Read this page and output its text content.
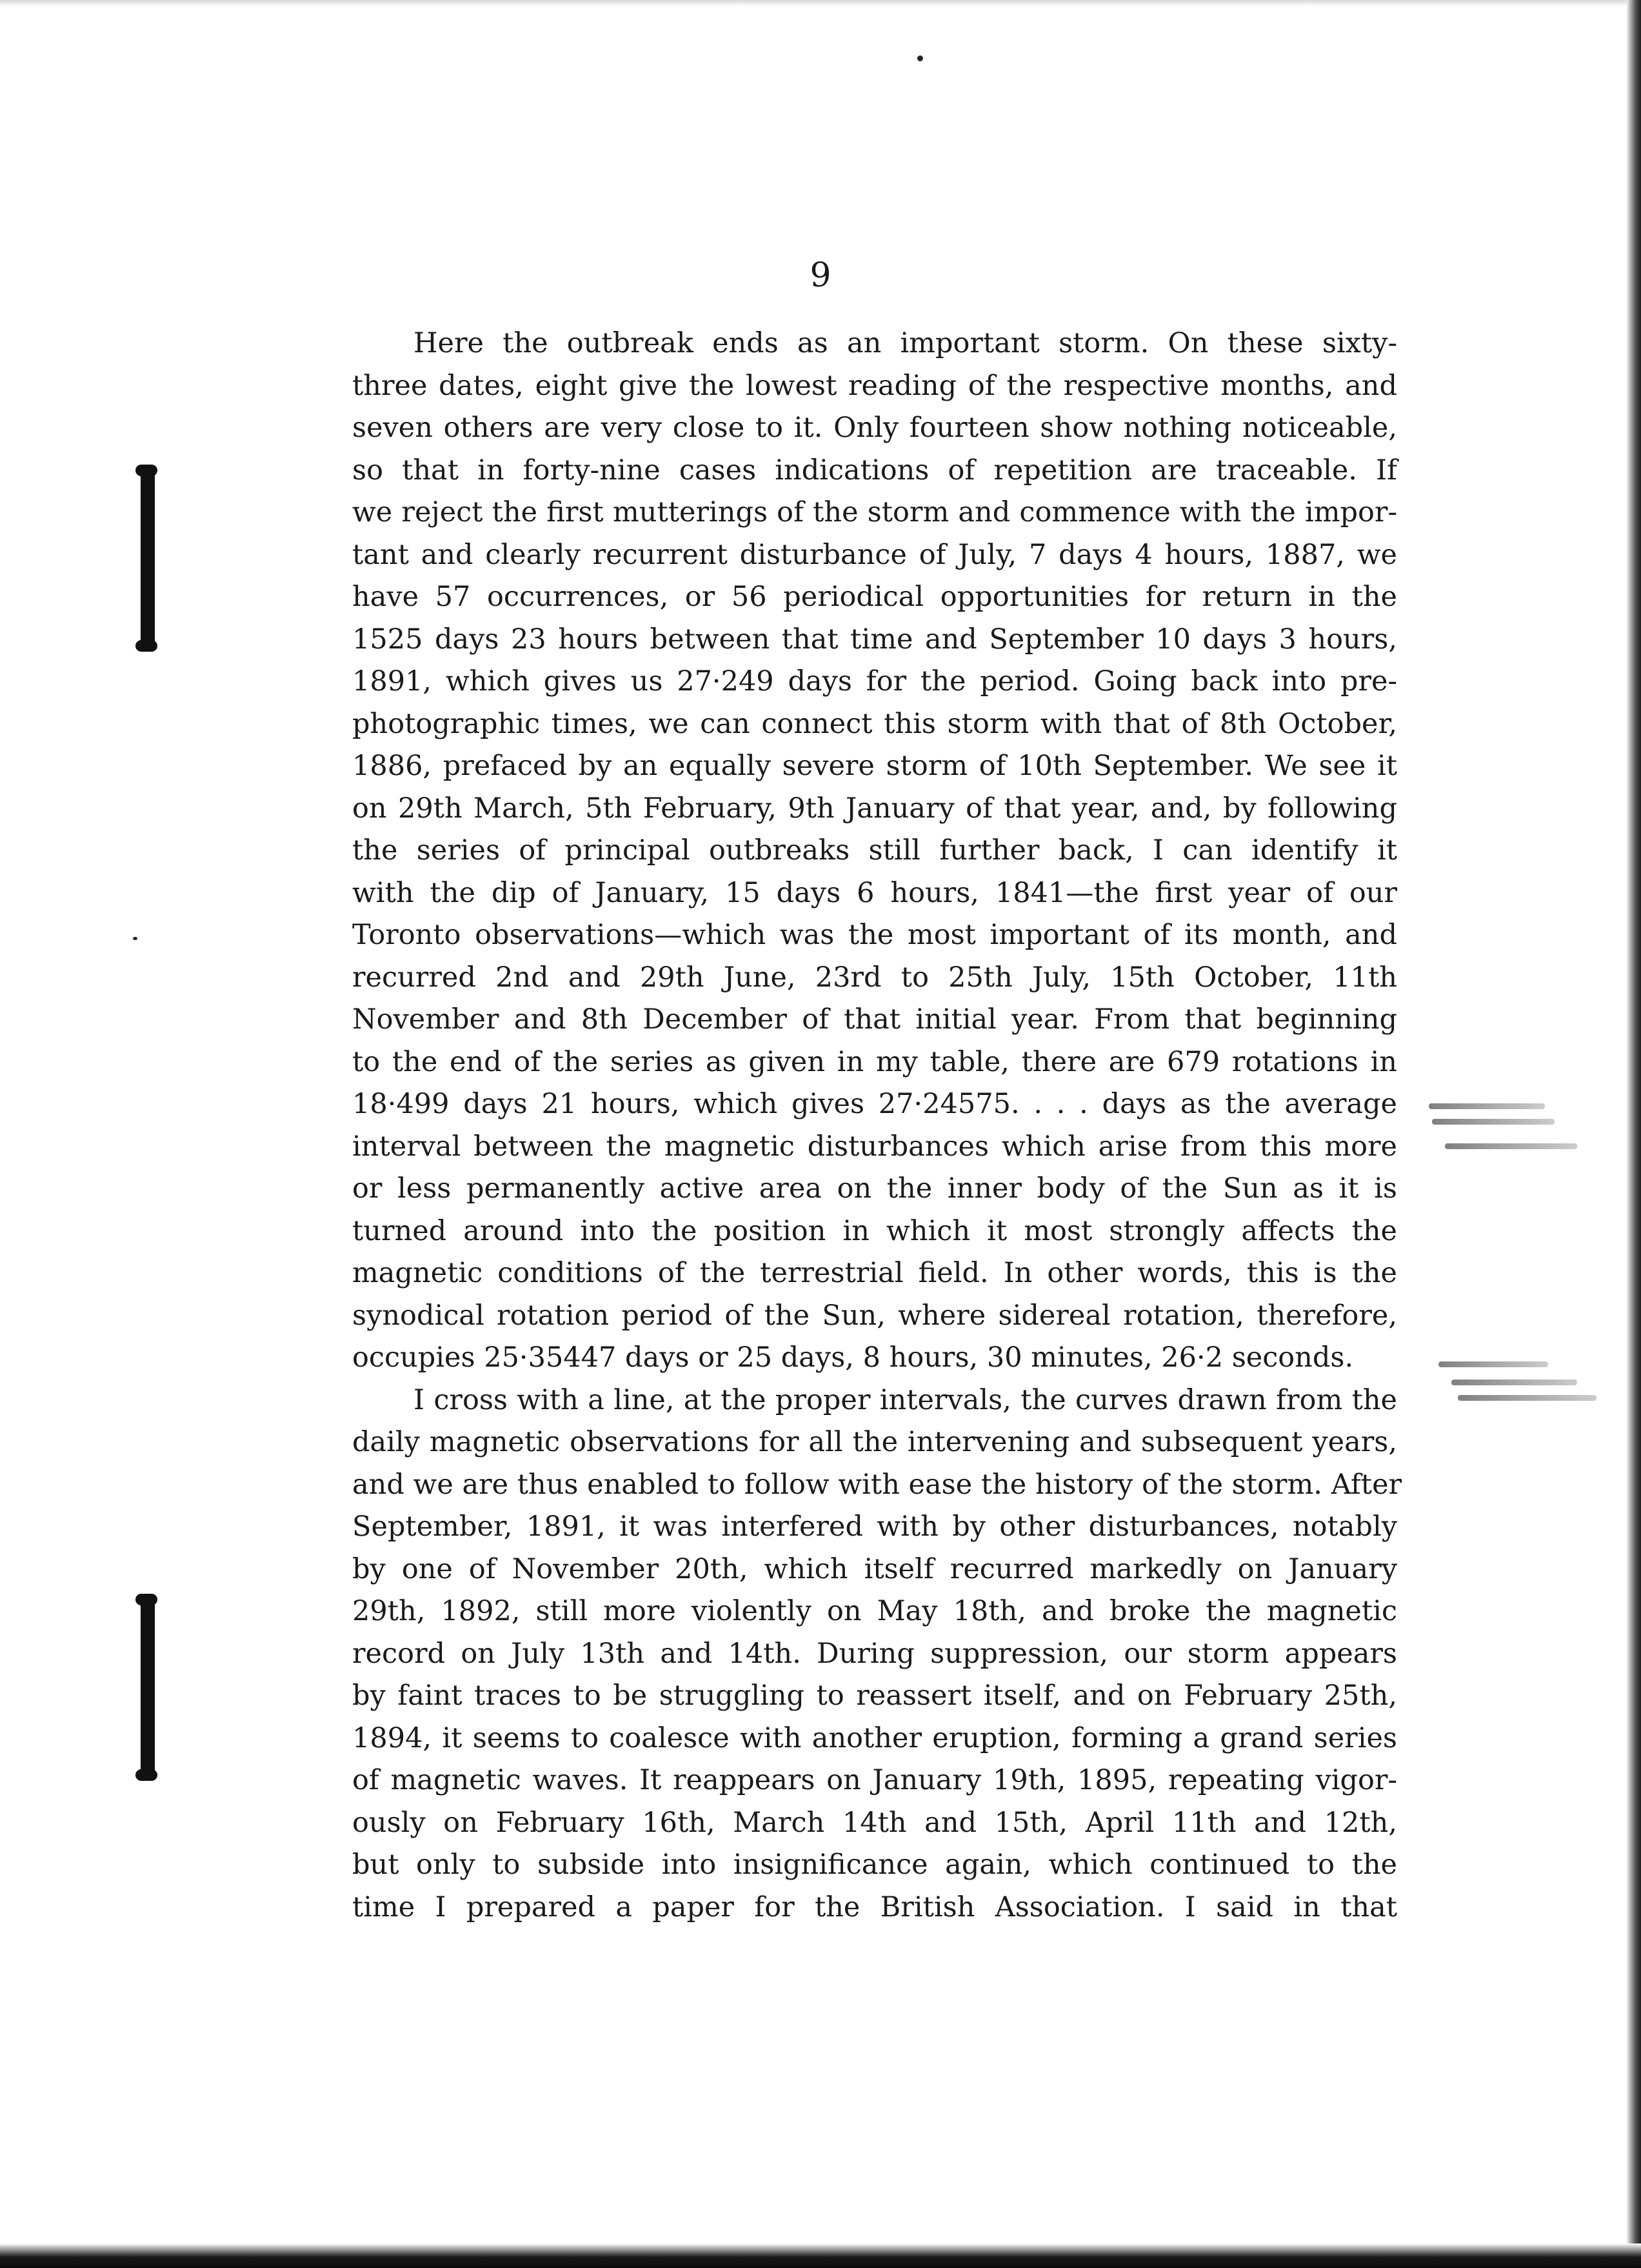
9
Here the outbreak ends as an important storm. On these sixty-
three dates, eight give the lowest reading of the respective months, and
seven others are very close to it. Only fourteen show nothing noticeable,
so that in forty-nine cases indications of repetition are traceable. If
we reject the first mutterings of the storm and commence with the impor-
tant and clearly recurrent disturbance of July, 7 days 4 hours, 1887, we
have 57 occurrences, or 56 periodical opportunities for return in the
1525 days 23 hours between that time and September 10 days 3 hours,
1891, which gives us 27·249 days for the period. Going back into pre-
photographic times, we can connect this storm with that of 8th October,
1886, prefaced by an equally severe storm of 10th September. We see it
on 29th March, 5th February, 9th January of that year, and, by following
the series of principal outbreaks still further back, I can identify it
with the dip of January, 15 days 6 hours, 1841—the first year of our
Toronto observations—which was the most important of its month, and
recurred 2nd and 29th June, 23rd to 25th July, 15th October, 11th
November and 8th December of that initial year. From that beginning
to the end of the series as given in my table, there are 679 rotations in
18·499 days 21 hours, which gives 27·24575. . . . days as the average
interval between the magnetic disturbances which arise from this more
or less permanently active area on the inner body of the Sun as it is
turned around into the position in which it most strongly affects the
magnetic conditions of the terrestrial field. In other words, this is the
synodical rotation period of the Sun, where sidereal rotation, therefore,
occupies 25·35447 days or 25 days, 8 hours, 30 minutes, 26·2 seconds.
I cross with a line, at the proper intervals, the curves drawn from the
daily magnetic observations for all the intervening and subsequent years,
and we are thus enabled to follow with ease the history of the storm. After
September, 1891, it was interfered with by other disturbances, notably
by one of November 20th, which itself recurred markedly on January
29th, 1892, still more violently on May 18th, and broke the magnetic
record on July 13th and 14th. During suppression, our storm appears
by faint traces to be struggling to reassert itself, and on February 25th,
1894, it seems to coalesce with another eruption, forming a grand series
of magnetic waves. It reappears on January 19th, 1895, repeating vigor-
ously on February 16th, March 14th and 15th, April 11th and 12th,
but only to subside into insignificance again, which continued to the
time I prepared a paper for the British Association. I said in that
